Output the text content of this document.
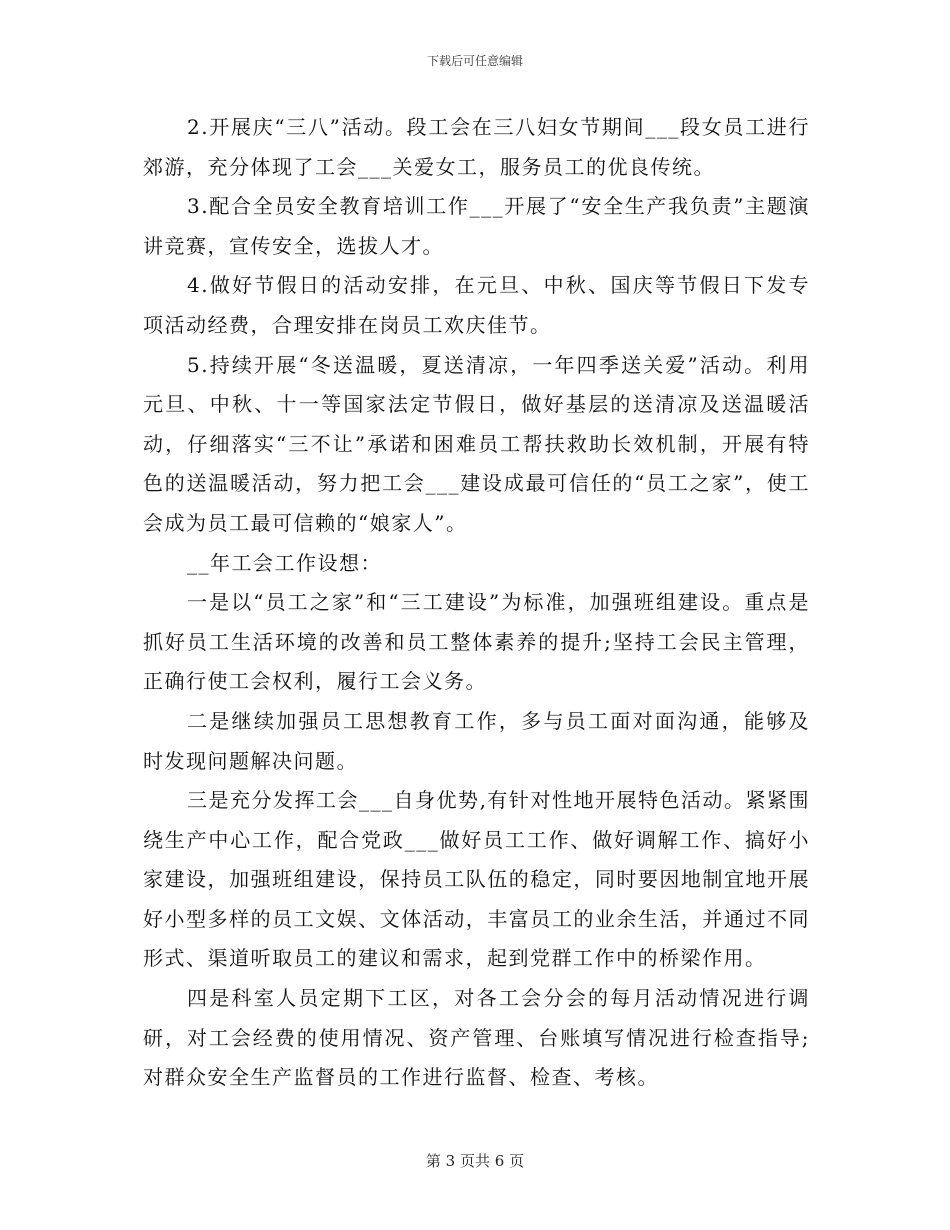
下载后可任意编辑

2.开展庆“三八”活动。段工会在三八妇女节期间___段女员工进行郊游，充分体现了工会___关爱女工，服务员工的优良传统。

3.配合全员安全教育培训工作___开展了“安全生产我负责”主题演讲竞赛，宣传安全，选拔人才。

4.做好节假日的活动安排，在元旦、中秋、国庆等节假日下发专项活动经费，合理安排在岗员工欢庆佳节。

5.持续开展“冬送温暖，夏送清凉，一年四季送关爱”活动。利用元旦、中秋、十一等国家法定节假日，做好基层的送清凉及送温暖活动，仔细落实“三不让”承诺和困难员工帮扶救助长效机制，开展有特色的送温暖活动，努力把工会___建设成最可信任的“员工之家”，使工会成为员工最可信赖的“娘家人”。

__年工会工作设想：

一是以“员工之家”和“三工建设”为标准，加强班组建设。重点是抓好员工生活环境的改善和员工整体素养的提升;坚持工会民主管理，正确行使工会权利，履行工会义务。

二是继续加强员工思想教育工作，多与员工面对面沟通，能够及时发现问题解决问题。

三是充分发挥工会___自身优势,有针对性地开展特色活动。紧紧围绕生产中心工作，配合党政___做好员工工作、做好调解工作、搞好小家建设，加强班组建设，保持员工队伍的稳定，同时要因地制宜地开展好小型多样的员工文娱、文体活动，丰富员工的业余生活，并通过不同形式、渠道听取员工的建议和需求，起到党群工作中的桥梁作用。

四是科室人员定期下工区，对各工会分会的每月活动情况进行调研，对工会经费的使用情况、资产管理、台账填写情况进行检查指导;对群众安全生产监督员的工作进行监督、检查、考核。

第 3 页共 6 页
